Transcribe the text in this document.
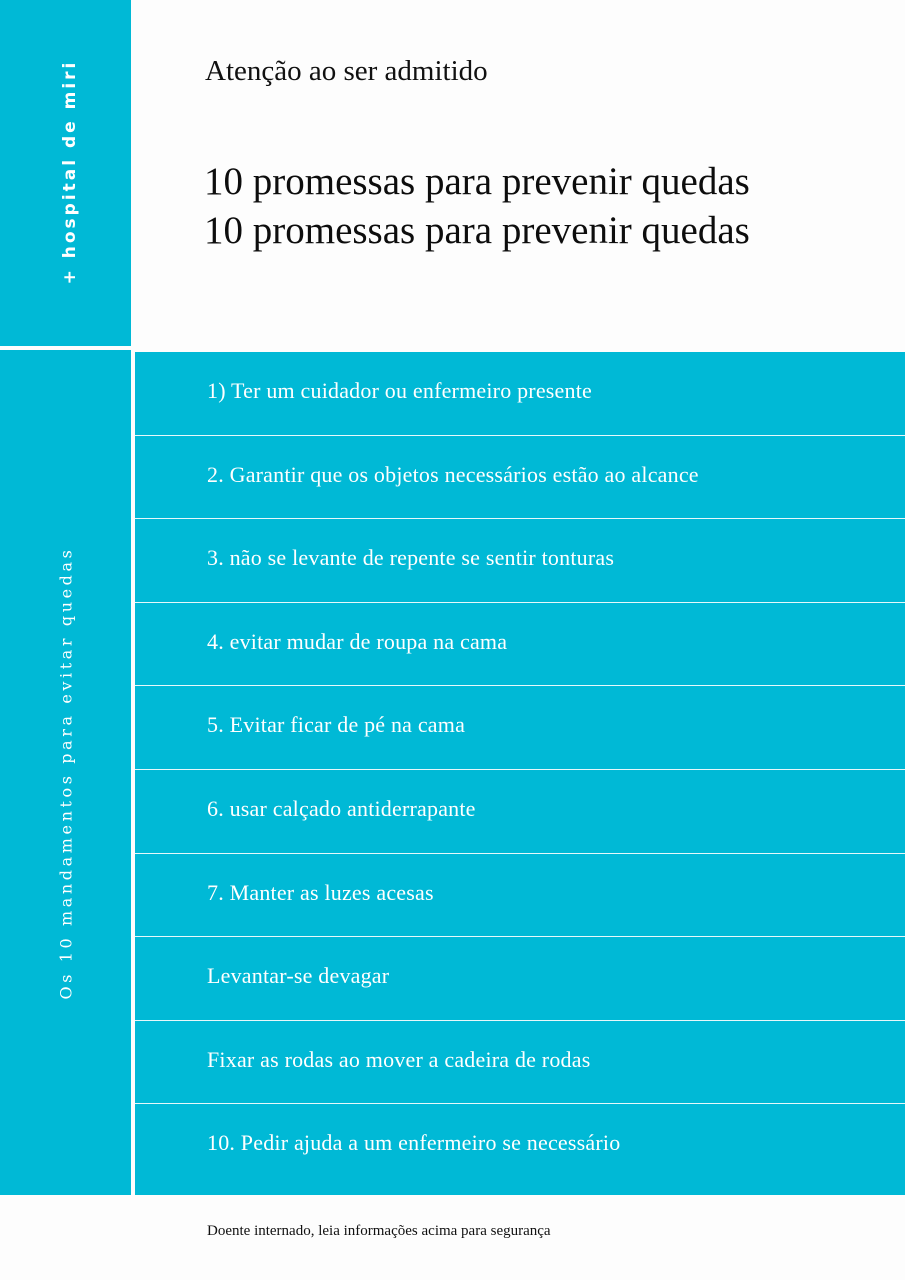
+ hospital de miri
Os 10 mandamentos para evitar quedas
Atenção ao ser admitido
10 promessas para prevenir quedas
10 promessas para prevenir quedas
1) Ter um cuidador ou enfermeiro presente
2. Garantir que os objetos necessários estão ao alcance
3. não se levante de repente se sentir tonturas
4. evitar mudar de roupa na cama
5. Evitar ficar de pé na cama
6. usar calçado antiderrapante
7. Manter as luzes acesas
Levantar-se devagar
Fixar as rodas ao mover a cadeira de rodas
10. Pedir ajuda a um enfermeiro se necessário
Doente internado, leia informações acima para segurança
